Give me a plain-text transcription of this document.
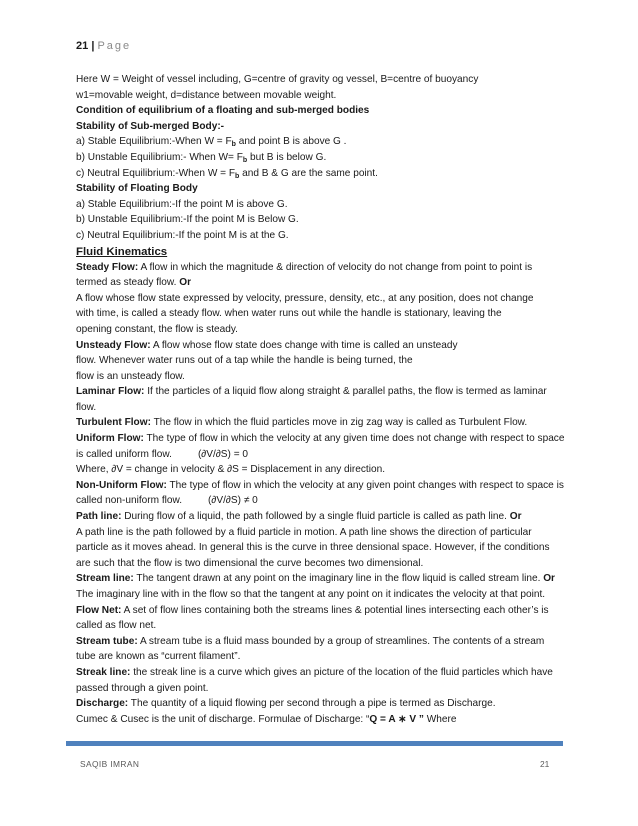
21 | Page

Here W = Weight of vessel including, G=centre of gravity og vessel, B=centre of buoyancy

w1=movable weight, d=distance between movable weight.

Condition of equilibrium of a floating and sub-merged bodies

Stability of Sub-merged Body:-

a) Stable Equilibrium:-When $W = F_b$ and point B is above G .

b) Unstable Equilibrium:- When $W= F_b$ but B is below G.

c) Neutral Equilibrium:-When $W = F_b$ and B & G are the same point.

Stability of Floating Body

a) Stable Equilibrium:-If the point M is above G.

b) Unstable Equilibrium:-If the point M is Below G.

c) Neutral Equilibrium:-If the point M is at the G.

Fluid Kinematics

Steady Flow: A flow in which the magnitude & direction of velocity do not change from point to point is termed as steady flow. Or

A flow whose flow state expressed by velocity, pressure, density, etc., at any position, does not change

with time, is called a steady flow. when water runs out while the handle is stationary, leaving the

opening constant, the flow is steady.

Unsteady Flow: A flow whose flow state does change with time is called an unsteady

flow. Whenever water runs out of a tap while the handle is being turned, the

flow is an unsteady flow.

Laminar Flow: If the particles of a liquid flow along straight & parallel paths, the flow is termed as laminar flow.

Turbulent Flow: The flow in which the fluid particles move in zig zag way is called as Turbulent Flow.

Uniform Flow: The type of flow in which the velocity at any given time does not change with respect to space is called uniform flow.	(∂V/∂S) = 0

Where, ∂V = change in velocity & ∂S = Displacement in any direction.

Non-Uniform Flow: The type of flow in which the velocity at any given point changes with respect to space is called non-uniform flow.	(∂V/∂S) ≠ 0

Path line: During flow of a liquid, the path followed by a single fluid particle is called as path line. Or

A path line is the path followed by a fluid particle in motion. A path line shows the direction of particular particle as it moves ahead. In general this is the curve in three densional space. However, if the conditions are such that the flow is two dimensional the curve becomes two dimensional.

Stream line: The tangent drawn at any point on the imaginary line in the flow liquid is called stream line. Or The imaginary line with in the flow so that the tangent at any point on it indicates the velocity at that point.

Flow Net: A set of flow lines containing both the streams lines & potential lines intersecting each other’s is called as flow net.

Stream tube: A stream tube is a fluid mass bounded by a group of streamlines. The contents of a stream tube are known as “current filament”.

Streak line: the streak line is a curve which gives an picture of the location of the fluid particles which have passed through a given point.

Discharge: The quantity of a liquid flowing per second through a pipe is termed as Discharge.

Cumec & Cusec is the unit of discharge. Formulae of Discharge: “Q = A ∗ V ” Where

SAQIB IMRAN	21
